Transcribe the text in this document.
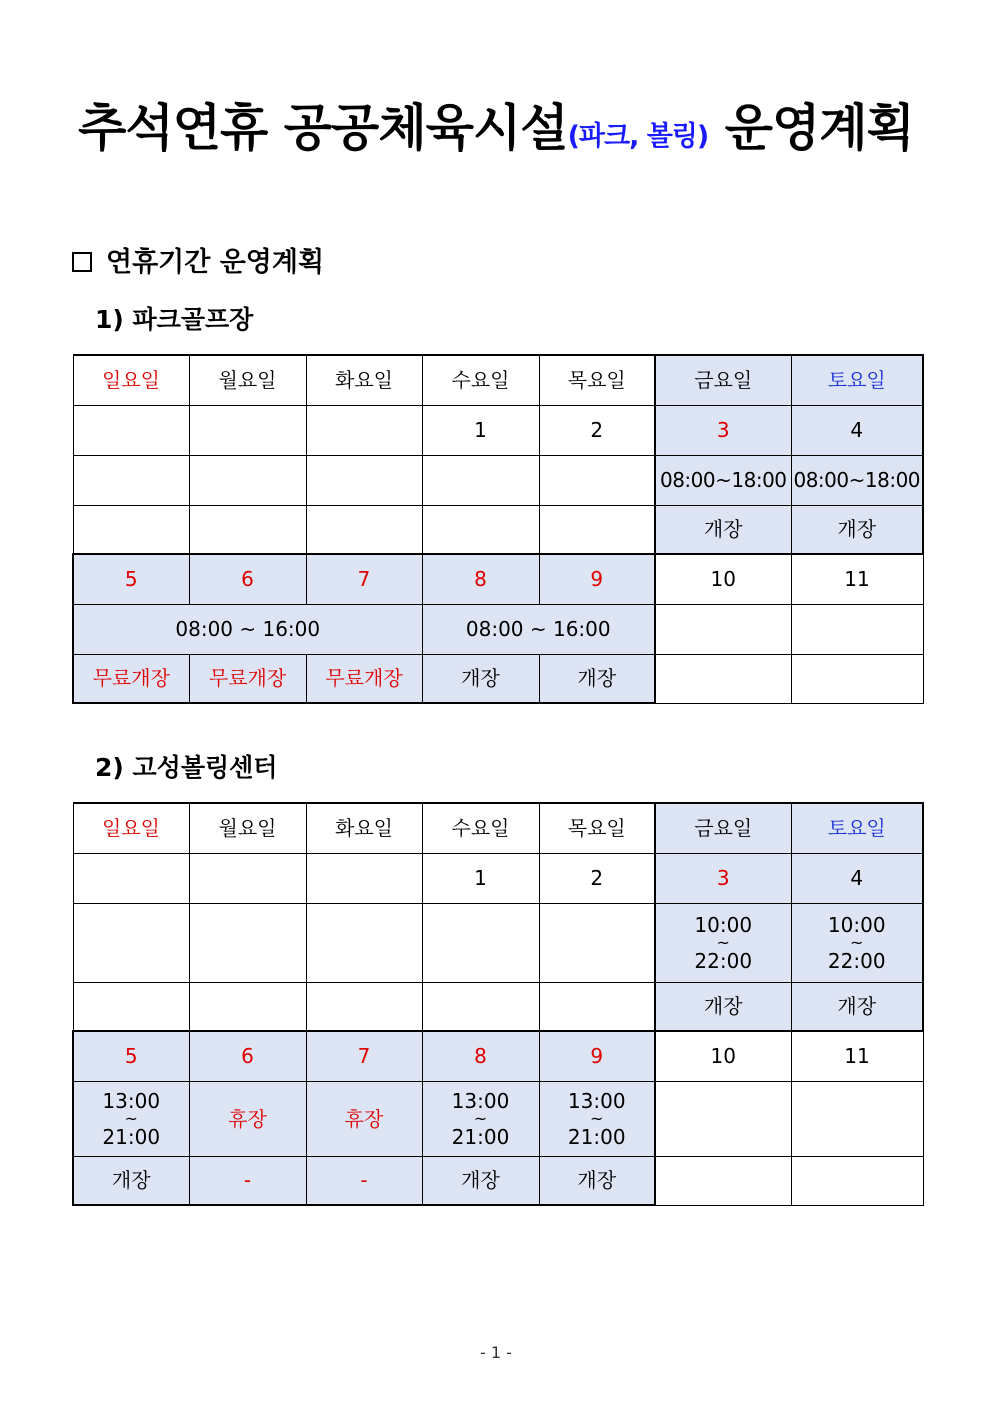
추석연휴 공공체육시설(파크, 볼링) 운영계획
연휴기간 운영계획
1) 파크골프장
일요일	월요일	화요일	수요일	목요일	금요일	토요일
			1	2	3	4
					08:00~18:00	08:00~18:00
					개장	개장
5	6	7	8	9	10	11
08:00 ~ 16:00			08:00 ~ 16:00			
무료개장	무료개장	무료개장	개장	개장		
2) 고성볼링센터
일요일	월요일	화요일	수요일	목요일	금요일	토요일
			1	2	3	4

					10:00
~
22:00	10:00
~
22:00

					개장	개장
5	6	7	8	9	10	11

13:00
~
21:00	휴장	휴장	13:00
~
21:00	13:00
~
21:00		

개장	-	-	개장	개장		
- 1 -
